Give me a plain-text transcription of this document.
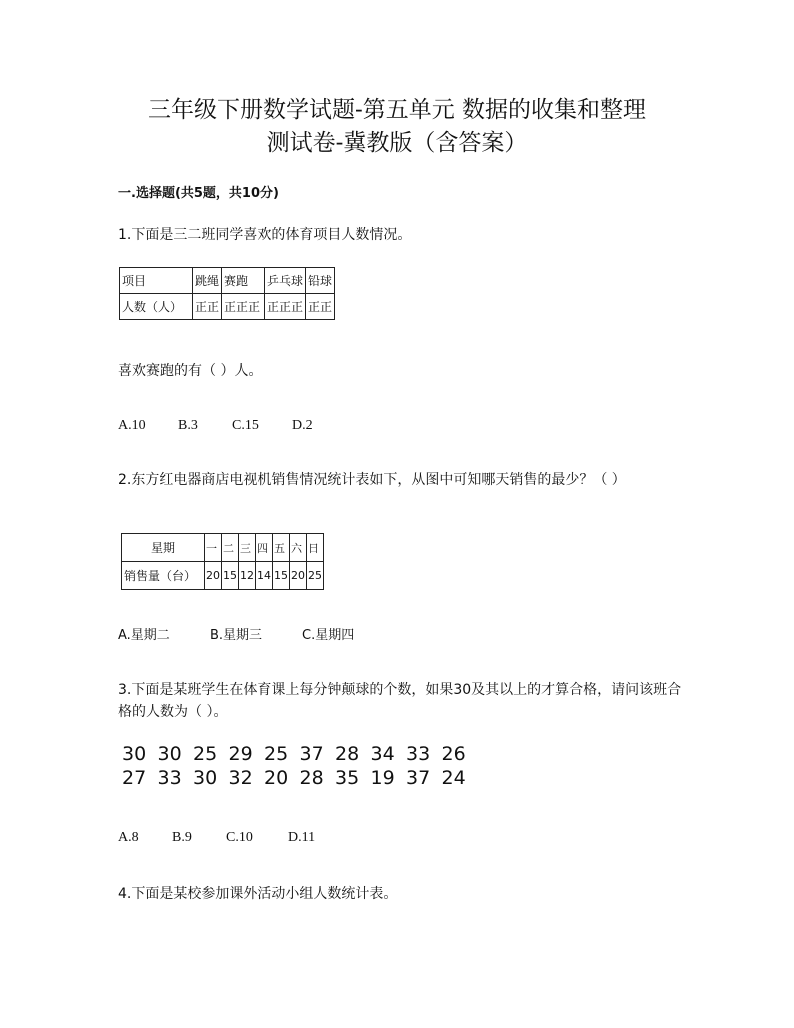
三年级下册数学试题-第五单元 数据的收集和整理
测试卷-冀教版（含答案）
一.选择题(共5题，共10分)
1.下面是三二班同学喜欢的体育项目人数情况。
项目	跳绳	赛跑	乒乓球	铅球
人数（人）	正正	正正正	正正正	正正
喜欢赛跑的有（ ）人。
A.10	B.3	C.15	D.2
2.东方红电器商店电视机销售情况统计表如下，从图中可知哪天销售的最少？（ ）
星期	一	二	三	四	五	六	日
销售量（台）	20	15	12	14	15	20	25
A.星期二	B.星期三	C.星期四
3.下面是某班学生在体育课上每分钟颠球的个数，如果30及其以上的才算合格，请问该班合格的人数为（ ）。
30 30 25 29 25 37 28 34 33 26
27 33 30 32 20 28 35 19 37 24
A.8	B.9	C.10	D.11
4.下面是某校参加课外活动小组人数统计表。
